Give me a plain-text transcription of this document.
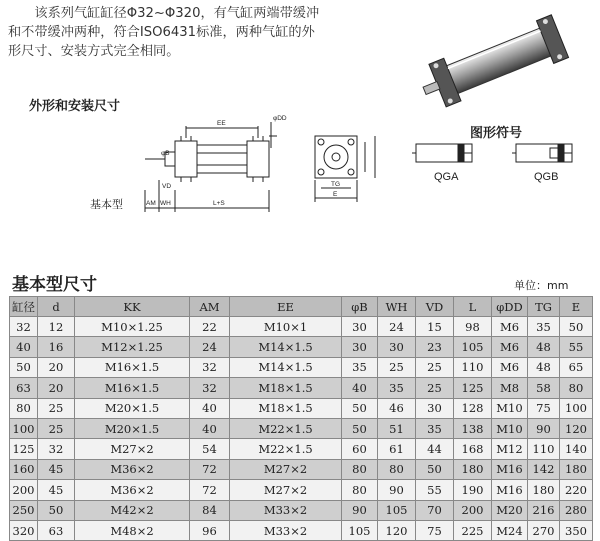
该系列气缸缸径Φ32~Φ320，有气缸两端带缓冲

和不带缓冲两种，符合ISO6431标准，两种气缸的外
形尺寸、安装方式完全相同。
外形和安装尺寸
EE
φDD
φB
VD
AM WH	L+S
TG
E
基本型
图形符号
QGA	QGB
基本型尺寸	单位：mm
缸径	d	KK	AM	EE	φB	WH	VD	L	φDD	TG	E
32	12	M10×1.25	22	M10×1	30	24	15	98	M6	35	50
40	16	M12×1.25	24	M14×1.5	30	30	23	105	M6	48	55
50	20	M16×1.5	32	M14×1.5	35	25	25	110	M6	48	65
63	20	M16×1.5	32	M18×1.5	40	35	25	125	M8	58	80
80	25	M20×1.5	40	M18×1.5	50	46	30	128	M10	75	100
100	25	M20×1.5	40	M22×1.5	50	51	35	138	M10	90	120
125	32	M27×2	54	M22×1.5	60	61	44	168	M12	110	140
160	45	M36×2	72	M27×2	80	80	50	180	M16	142	180
200	45	M36×2	72	M27×2	80	90	55	190	M16	180	220
250	50	M42×2	84	M33×2	90	105	70	200	M20	216	280
320	63	M48×2	96	M33×2	105	120	75	225	M24	270	350
